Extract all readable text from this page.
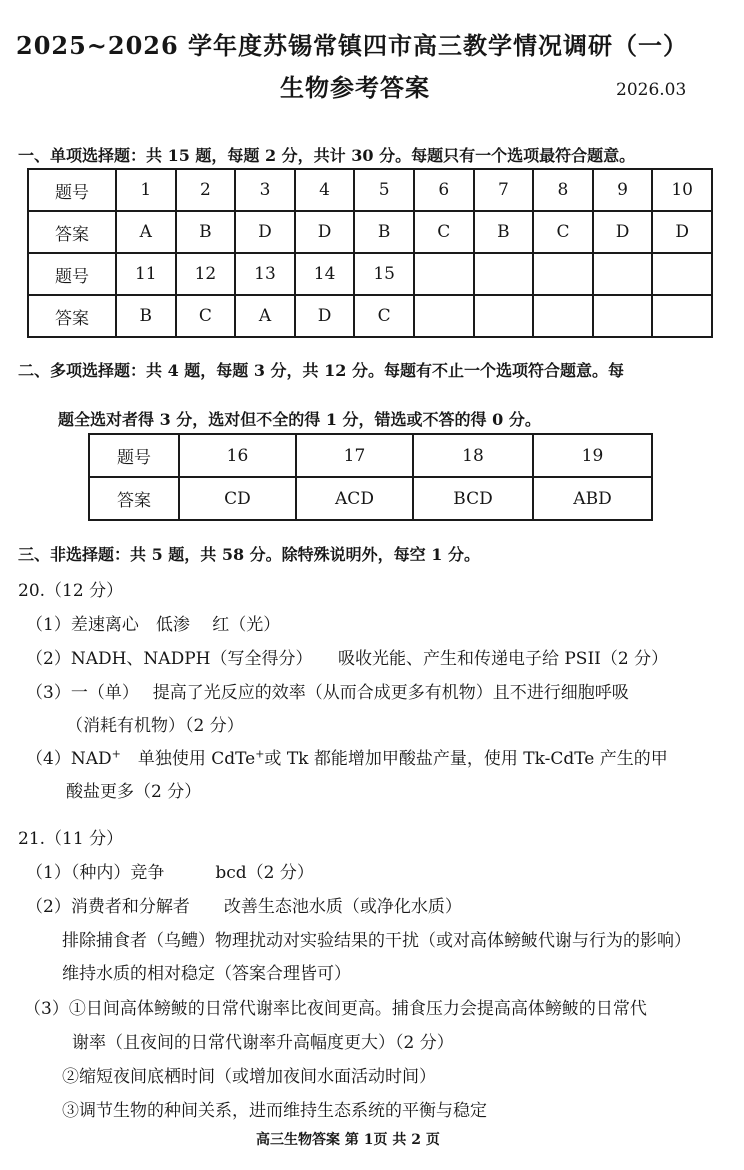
2025~2026 学年度苏锡常镇四市高三教学情况调研（一）
生物参考答案	2026.03
一、单项选择题：共 15 题，每题 2 分，共计 30 分。每题只有一个选项最符合题意。
题号	1	2	3	4	5	6	7	8	9	10
答案	A	B	D	D	B	C	B	C	D	D
题号	11	12	13	14	15					
答案	B	C	A	D	C					
二、多项选择题：共 4 题，每题 3 分，共 12 分。每题有不止一个选项符合题意。每
题全选对者得 3 分，选对但不全的得 1 分，错选或不答的得 0 分。
题号	16	17	18	19
答案	CD	ACD	BCD	ABD
三、非选择题：共 5 题，共 58 分。除特殊说明外，每空 1 分。
20.（12 分）
（1）差速离心　低渗　 红（光）
（2）NADH、NADPH（写全得分）　　吸收光能、产生和传递电子给 PSII（2 分）
（3）一（单）　 提高了光反应的效率（从而合成更多有机物）且不进行细胞呼吸
（消耗有机物）（2 分）
（4）NAD+　单独使用 CdTe+或 Tk 都能增加甲酸盐产量，使用 Tk-CdTe 产生的甲
酸盐更多（2 分）
21.（11 分）
（1）（种内）竞争　　　bcd（2 分）
（2）消费者和分解者　　改善生态池水质（或净化水质）
排除捕食者（乌鳢）物理扰动对实验结果的干扰（或对高体鳑鲏代谢与行为的影响）
维持水质的相对稳定（答案合理皆可）
（3）①日间高体鳑鲏的日常代谢率比夜间更高。捕食压力会提高高体鳑鲏的日常代
谢率（且夜间的日常代谢率升高幅度更大）（2 分）
②缩短夜间底栖时间（或增加夜间水面活动时间）
③调节生物的种间关系，进而维持生态系统的平衡与稳定
高三生物答案 第 1页 共 2 页
